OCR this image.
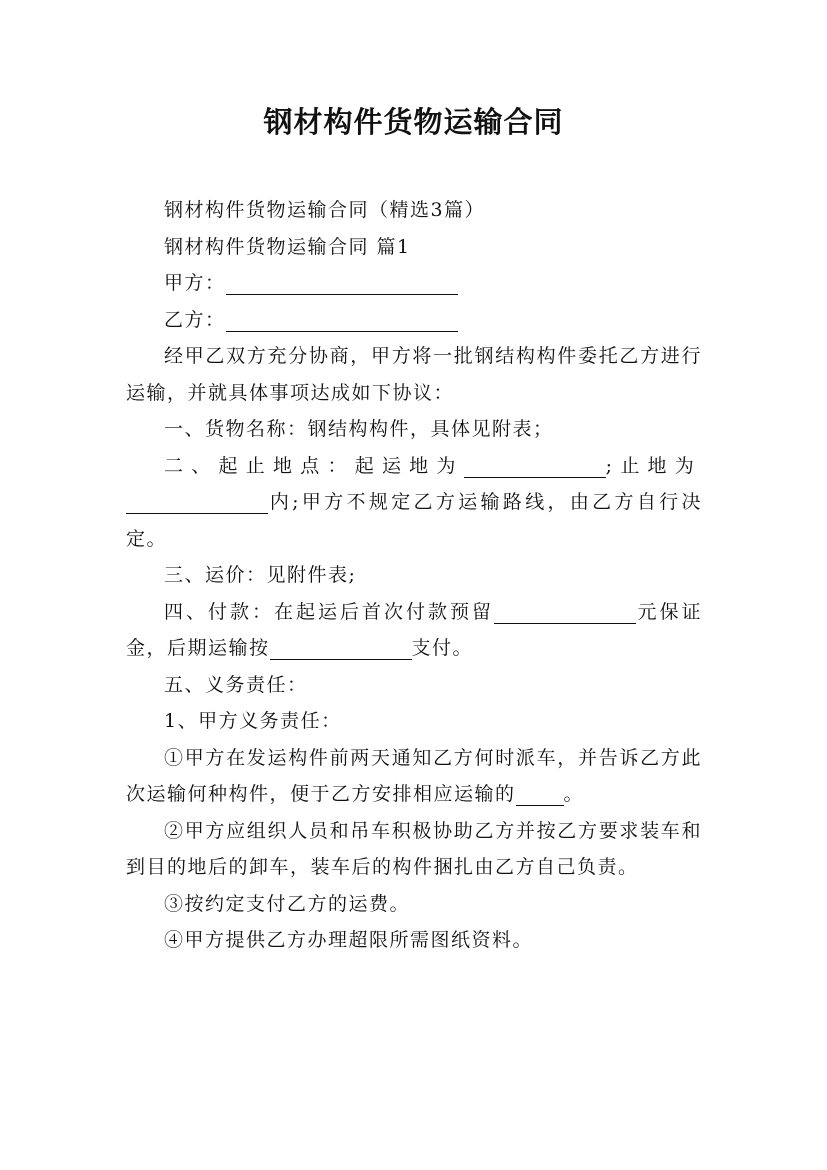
钢材构件货物运输合同

钢材构件货物运输合同（精选3篇）

钢材构件货物运输合同 篇1

甲方：

乙方：

经甲乙双方充分协商，甲方将一批钢结构构件委托乙方进行运输，并就具体事项达成如下协议：

一、货物名称：钢结构构件，具体见附表；

二、起止地点：起运地为	;止地为内;甲方不规定乙方运输路线，由乙方自行决定。

三、运价：见附件表;

四、付款：在起运后首次付款预留	元保证金，后期运输按	支付。

五、义务责任：

1、甲方义务责任：

①甲方在发运构件前两天通知乙方何时派车，并告诉乙方此次运输何种构件，便于乙方安排相应运输的	。

②甲方应组织人员和吊车积极协助乙方并按乙方要求装车和到目的地后的卸车，装车后的构件捆扎由乙方自己负责。

③按约定支付乙方的运费。

④甲方提供乙方办理超限所需图纸资料。
